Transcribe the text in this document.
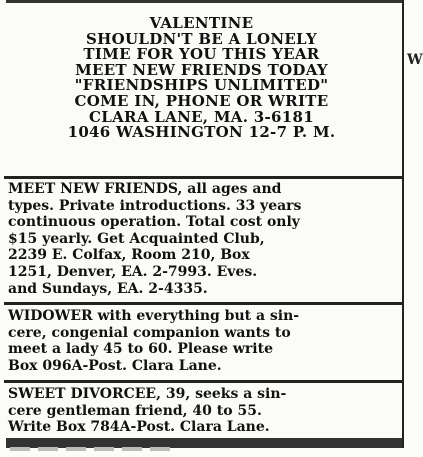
VALENTINE
SHOULDN'T BE A LONELY
TIME FOR YOU THIS YEAR
MEET NEW FRIENDS TODAY
"FRIENDSHIPS UNLIMITED"
COME IN, PHONE OR WRITE
CLARA LANE, MA. 3-6181
1046 WASHINGTON 12-7 P. M.
MEET NEW FRIENDS, all ages and
types. Private introductions. 33 years
continuous operation. Total cost only
$15 yearly. Get Acquainted Club,
2239 E. Colfax, Room 210, Box
1251, Denver, EA. 2-7993. Eves.
and Sundays, EA. 2-4335.
WIDOWER with everything but a sin-
cere, congenial companion wants to
meet a lady 45 to 60. Please write
Box 096A-Post. Clara Lane.
SWEET DIVORCEE, 39, seeks a sin-
cere gentleman friend, 40 to 55.
Write Box 784A-Post. Clara Lane.
W
